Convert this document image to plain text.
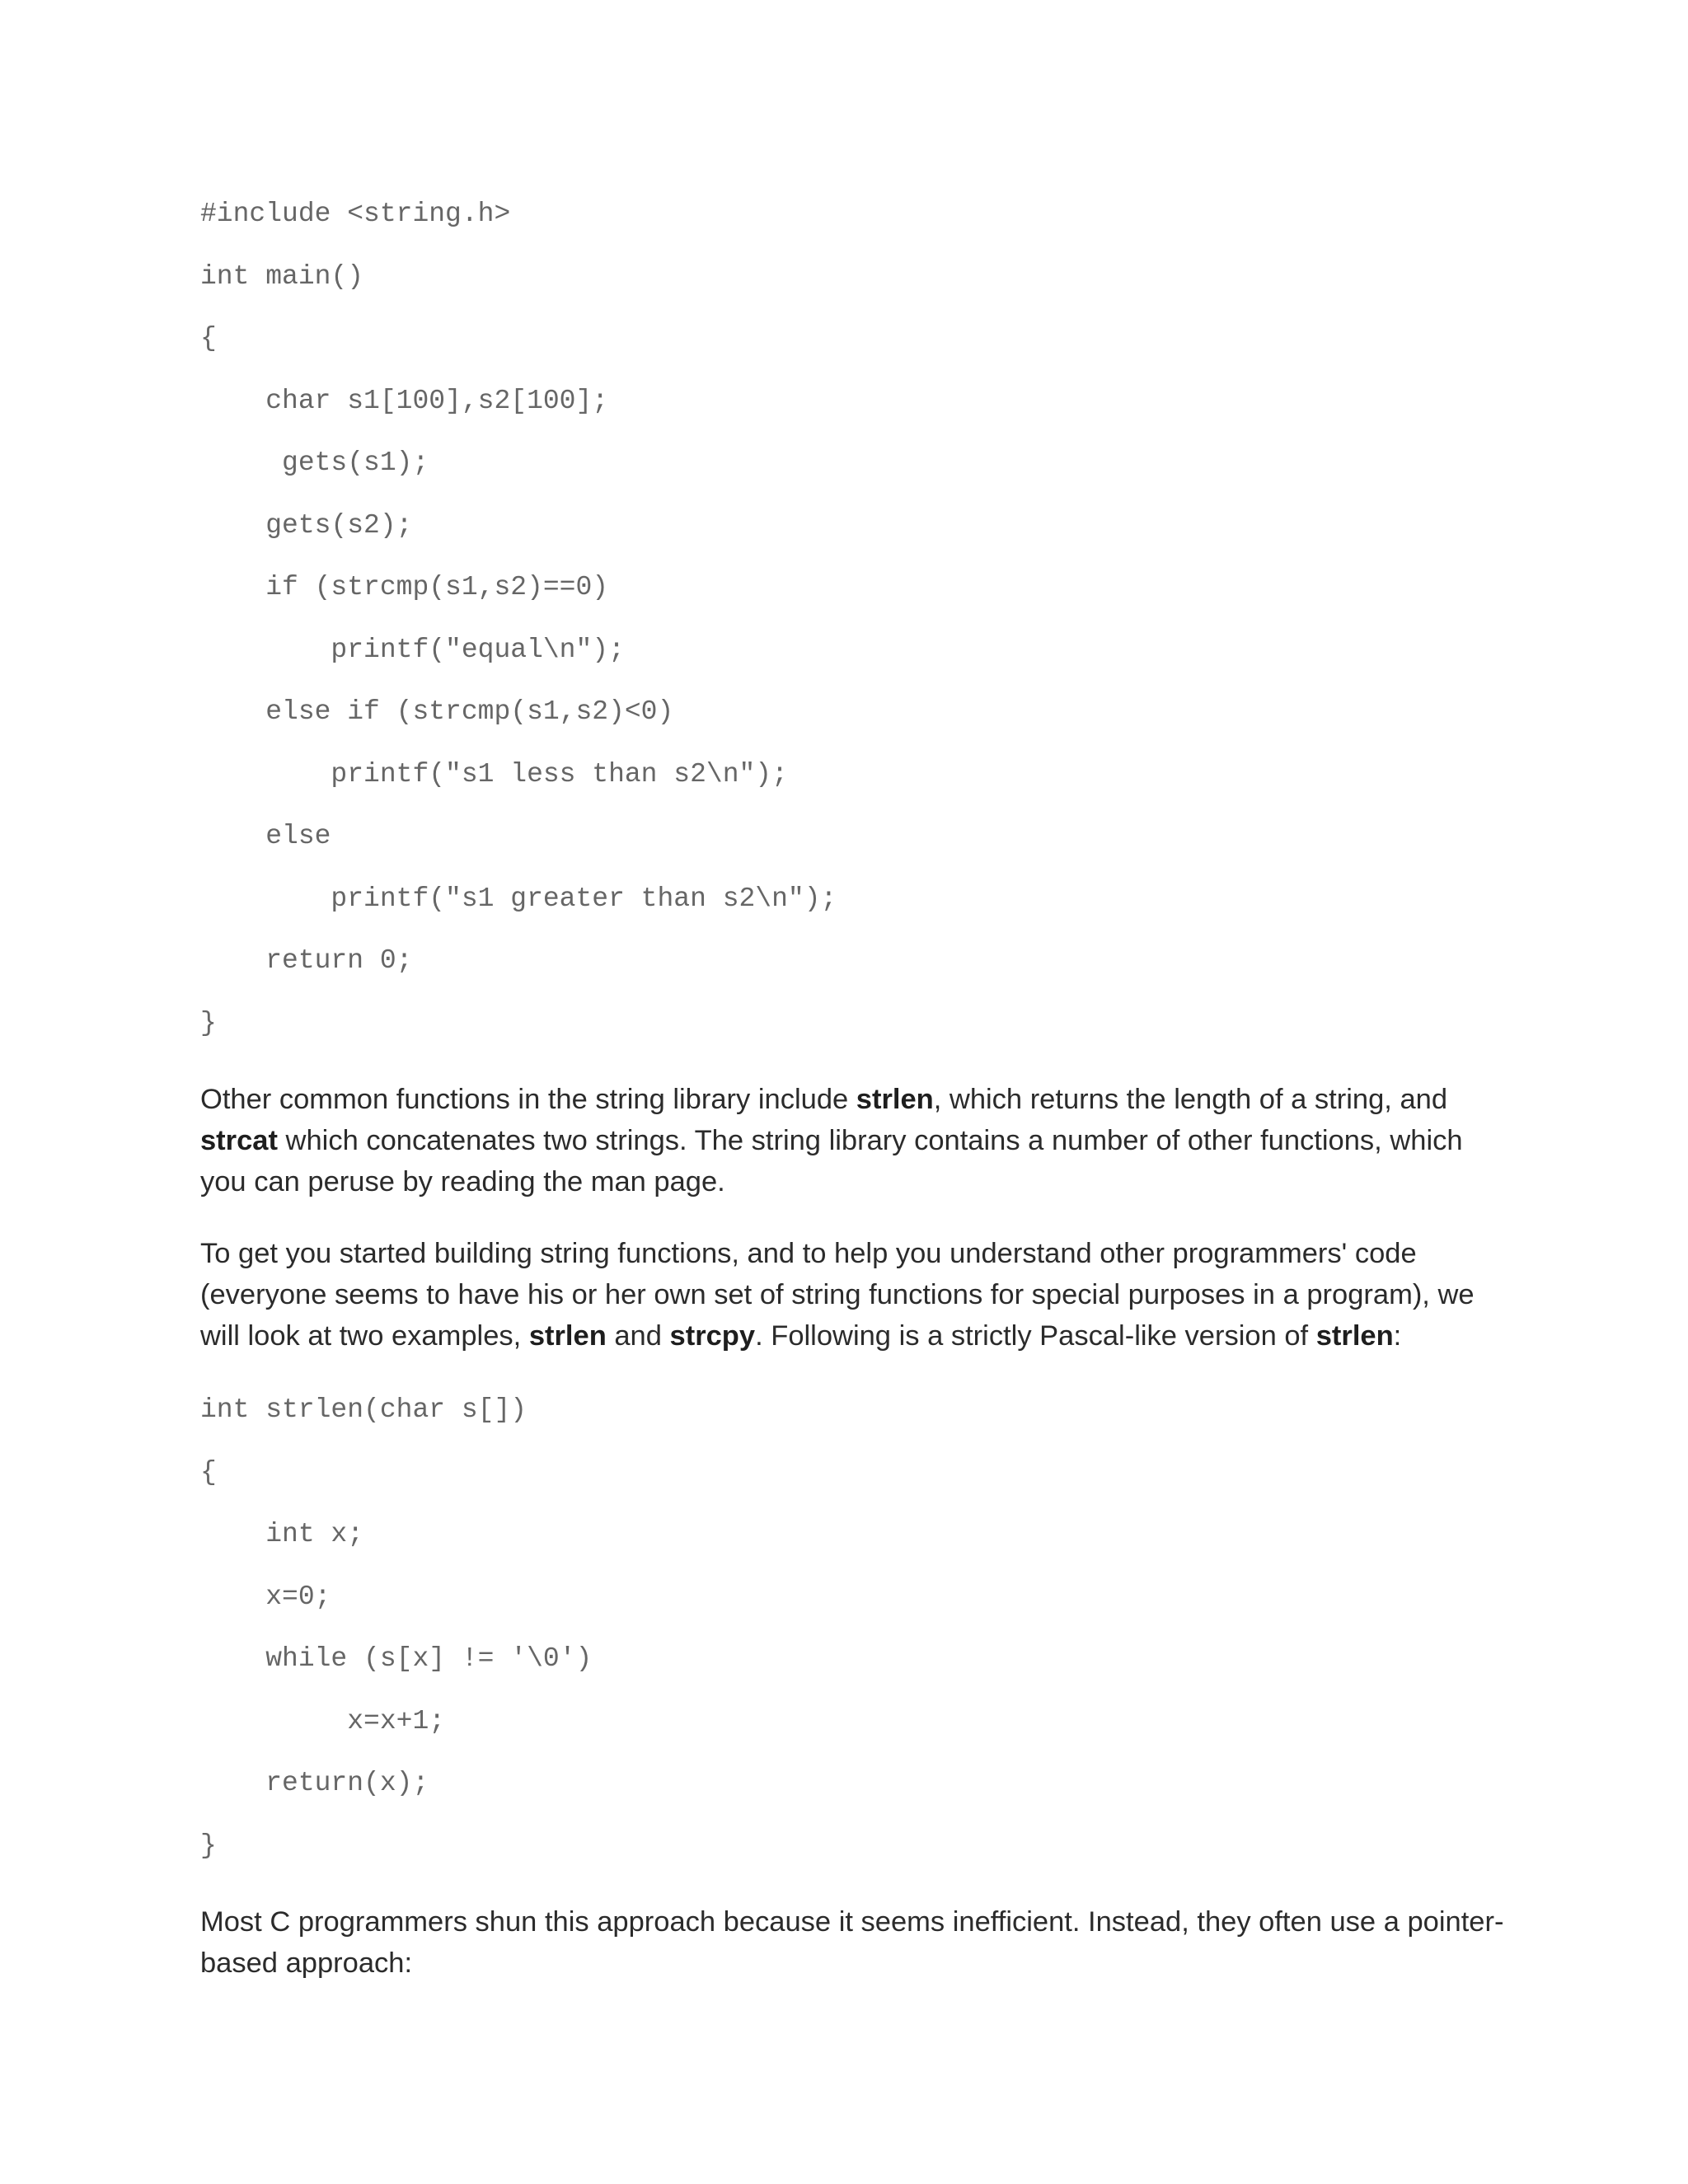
#include <string.h>
int main()
{
char s1[100],s2[100];
gets(s1);
gets(s2);
if (strcmp(s1,s2)==0)
printf("equal\n");
else if (strcmp(s1,s2)<0)
printf("s1 less than s2\n");
else
printf("s1 greater than s2\n");
return 0;
}

Other common functions in the string library include strlen, which returns the length of a string, and strcat which concatenates two strings. The string library contains a number of other functions, which you can peruse by reading the man page.

To get you started building string functions, and to help you understand other programmers' code (everyone seems to have his or her own set of string functions for special purposes in a program), we will look at two examples, strlen and strcpy. Following is a strictly Pascal-like version of strlen:

int strlen(char s[])
{
int x;
x=0;
while (s[x] != '\0')
x=x+1;
return(x);
}

Most C programmers shun this approach because it seems inefficient. Instead, they often use a pointer-based approach:
